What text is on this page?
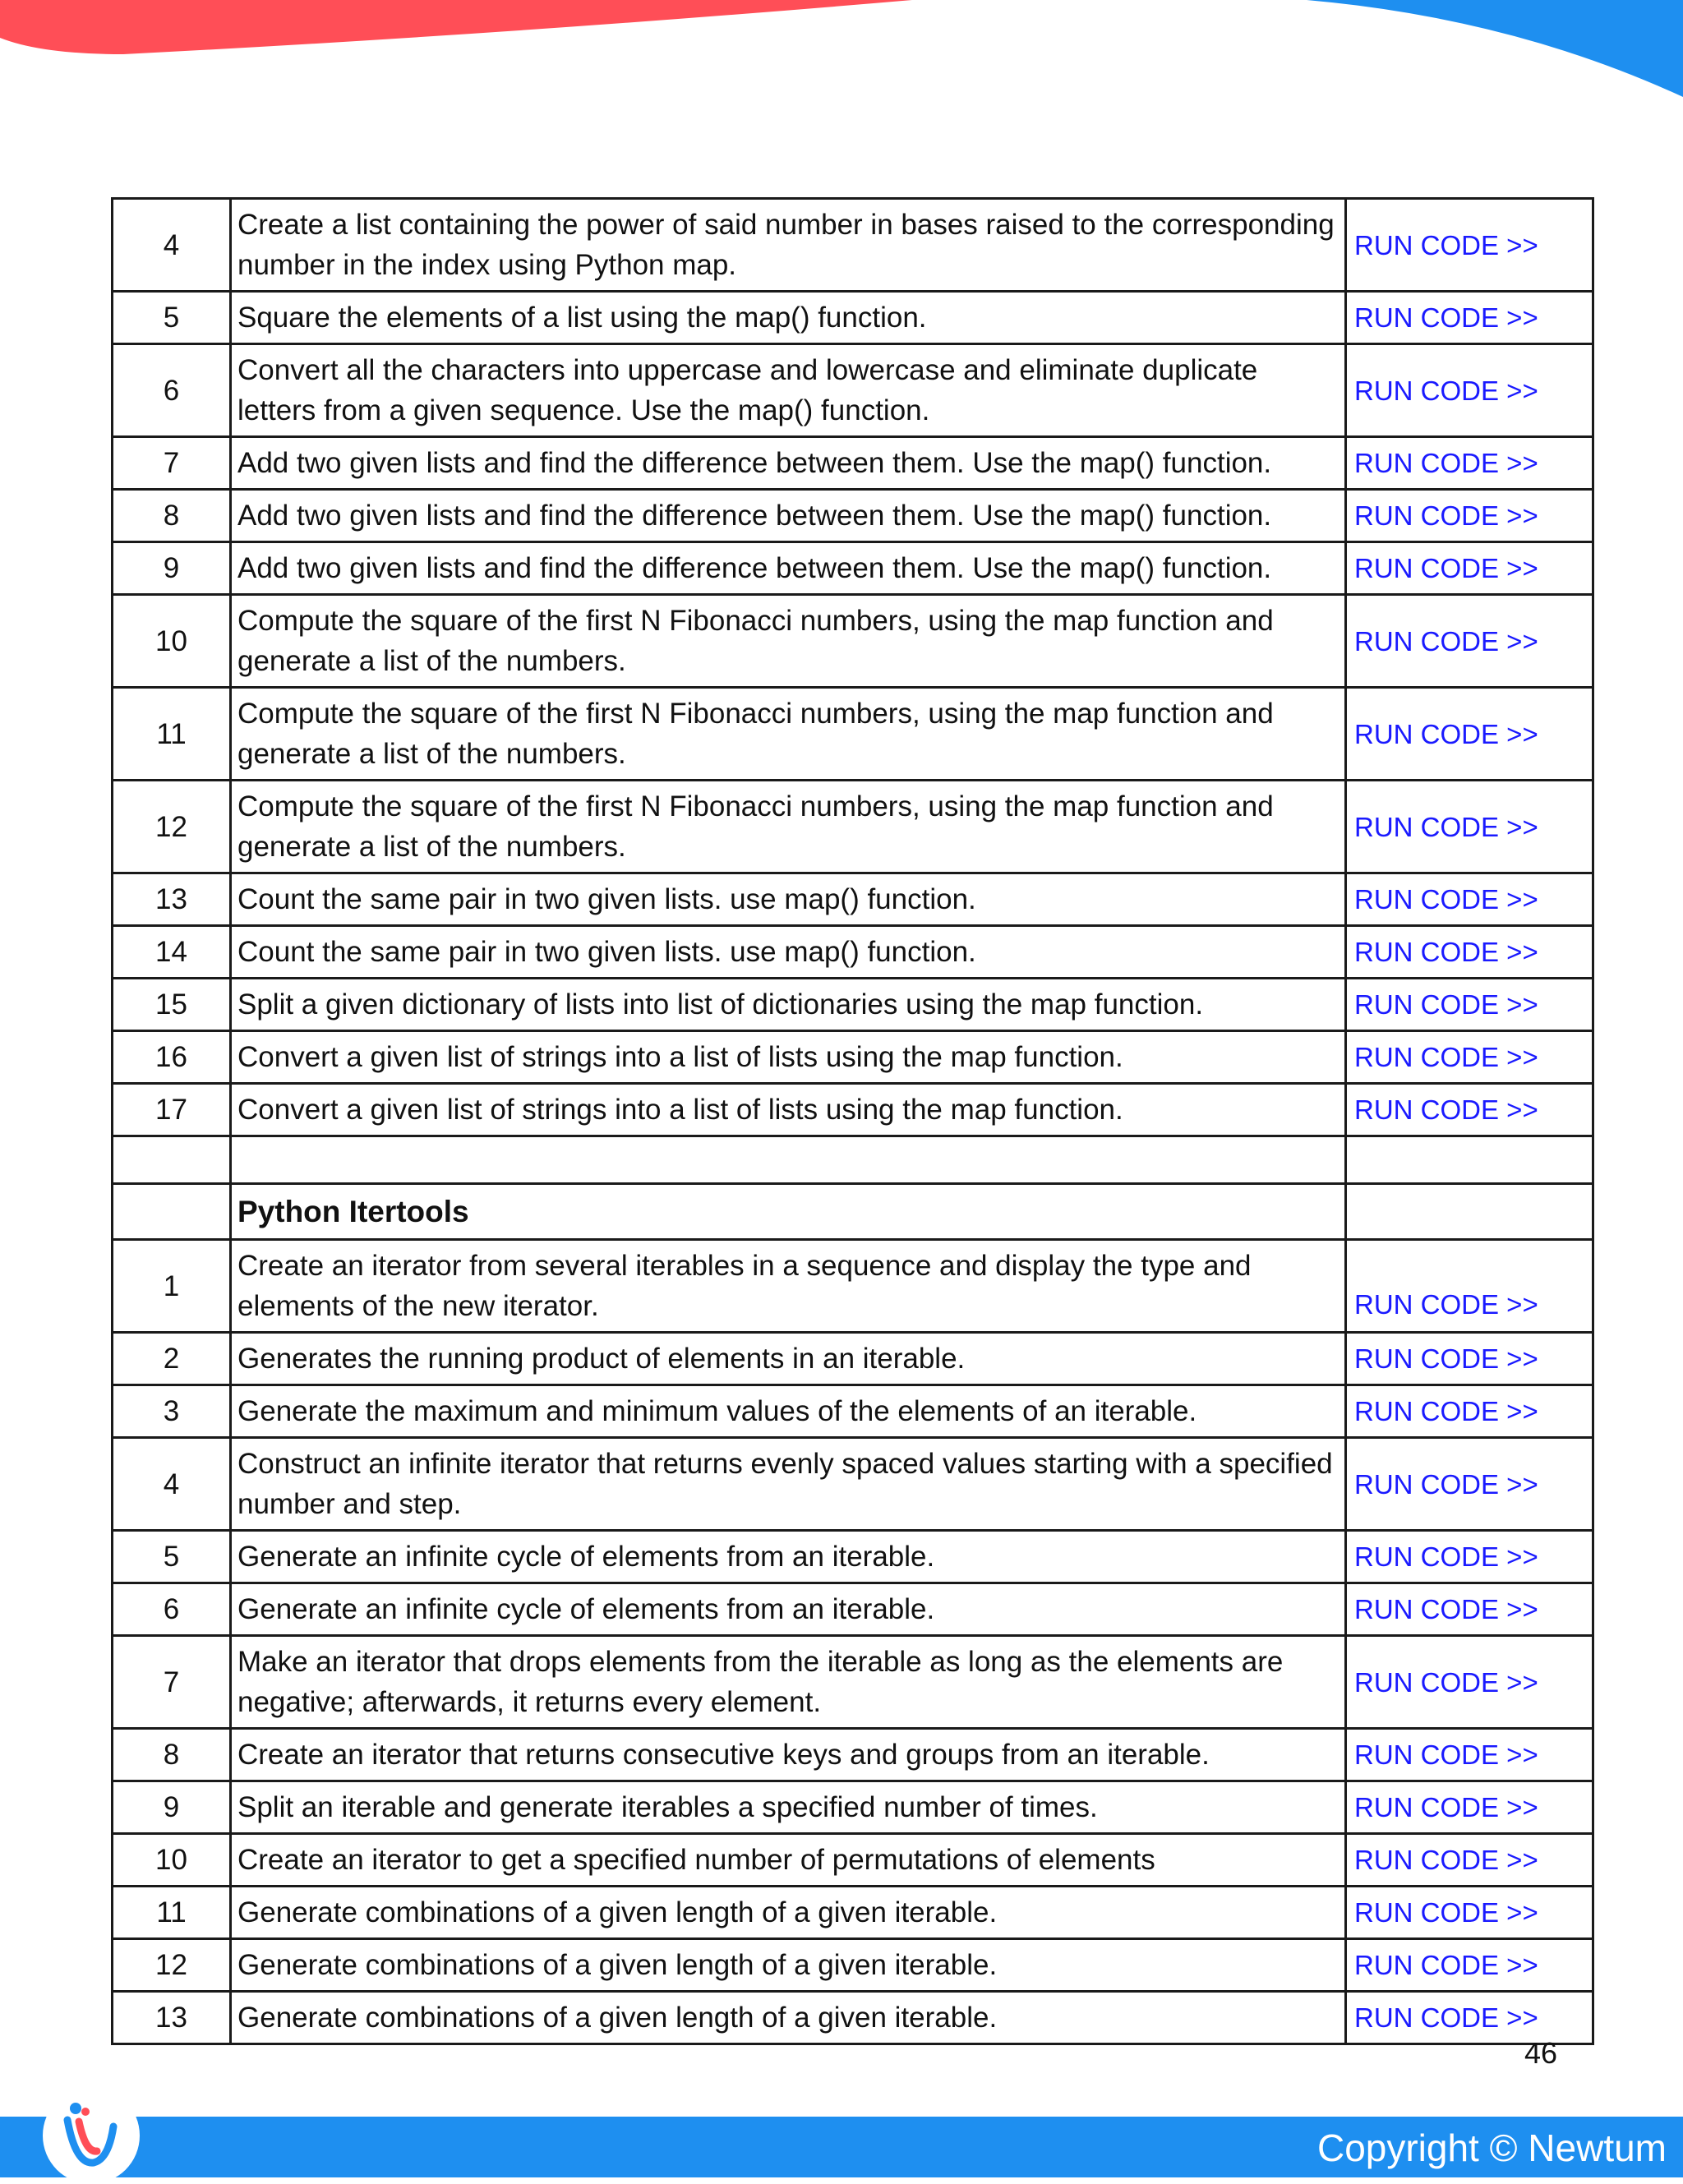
4	Create a list containing the power of said number in bases raised to the corresponding number in the index using Python map.	RUN CODE >>
5	Square the elements of a list using the map() function.	RUN CODE >>
6	Convert all the characters into uppercase and lowercase and eliminate duplicate letters from a given sequence. Use the map() function.	RUN CODE >>
7	Add two given lists and find the difference between them. Use the map() function.	RUN CODE >>
8	Add two given lists and find the difference between them. Use the map() function.	RUN CODE >>
9	Add two given lists and find the difference between them. Use the map() function.	RUN CODE >>
10	Compute the square of the first N Fibonacci numbers, using the map function and generate a list of the numbers.	RUN CODE >>
11	Compute the square of the first N Fibonacci numbers, using the map function and generate a list of the numbers.	RUN CODE >>
12	Compute the square of the first N Fibonacci numbers, using the map function and generate a list of the numbers.	RUN CODE >>
13	Count the same pair in two given lists. use map() function.	RUN CODE >>
14	Count the same pair in two given lists. use map() function.	RUN CODE >>
15	Split a given dictionary of lists into list of dictionaries using the map function.	RUN CODE >>
16	Convert a given list of strings into a list of lists using the map function.	RUN CODE >>
17	Convert a given list of strings into a list of lists using the map function.	RUN CODE >>

	Python Itertools	
1	Create an iterator from several iterables in a sequence and display the type and elements of the new iterator.	RUN CODE >>
2	Generates the running product of elements in an iterable.	RUN CODE >>
3	Generate the maximum and minimum values of the elements of an iterable.	RUN CODE >>
4	Construct an infinite iterator that returns evenly spaced values starting with a specified number and step.	RUN CODE >>
5	Generate an infinite cycle of elements from an iterable.	RUN CODE >>
6	Generate an infinite cycle of elements from an iterable.	RUN CODE >>
7	Make an iterator that drops elements from the iterable as long as the elements are negative; afterwards, it returns every element.	RUN CODE >>
8	Create an iterator that returns consecutive keys and groups from an iterable.	RUN CODE >>
9	Split an iterable and generate iterables a specified number of times.	RUN CODE >>
10	Create an iterator to get a specified number of permutations of elements	RUN CODE >>
11	Generate combinations of a given length of a given iterable.	RUN CODE >>
12	Generate combinations of a given length of a given iterable.	RUN CODE >>
13	Generate combinations of a given length of a given iterable.	RUN CODE >>
46
Copyright © Newtum
